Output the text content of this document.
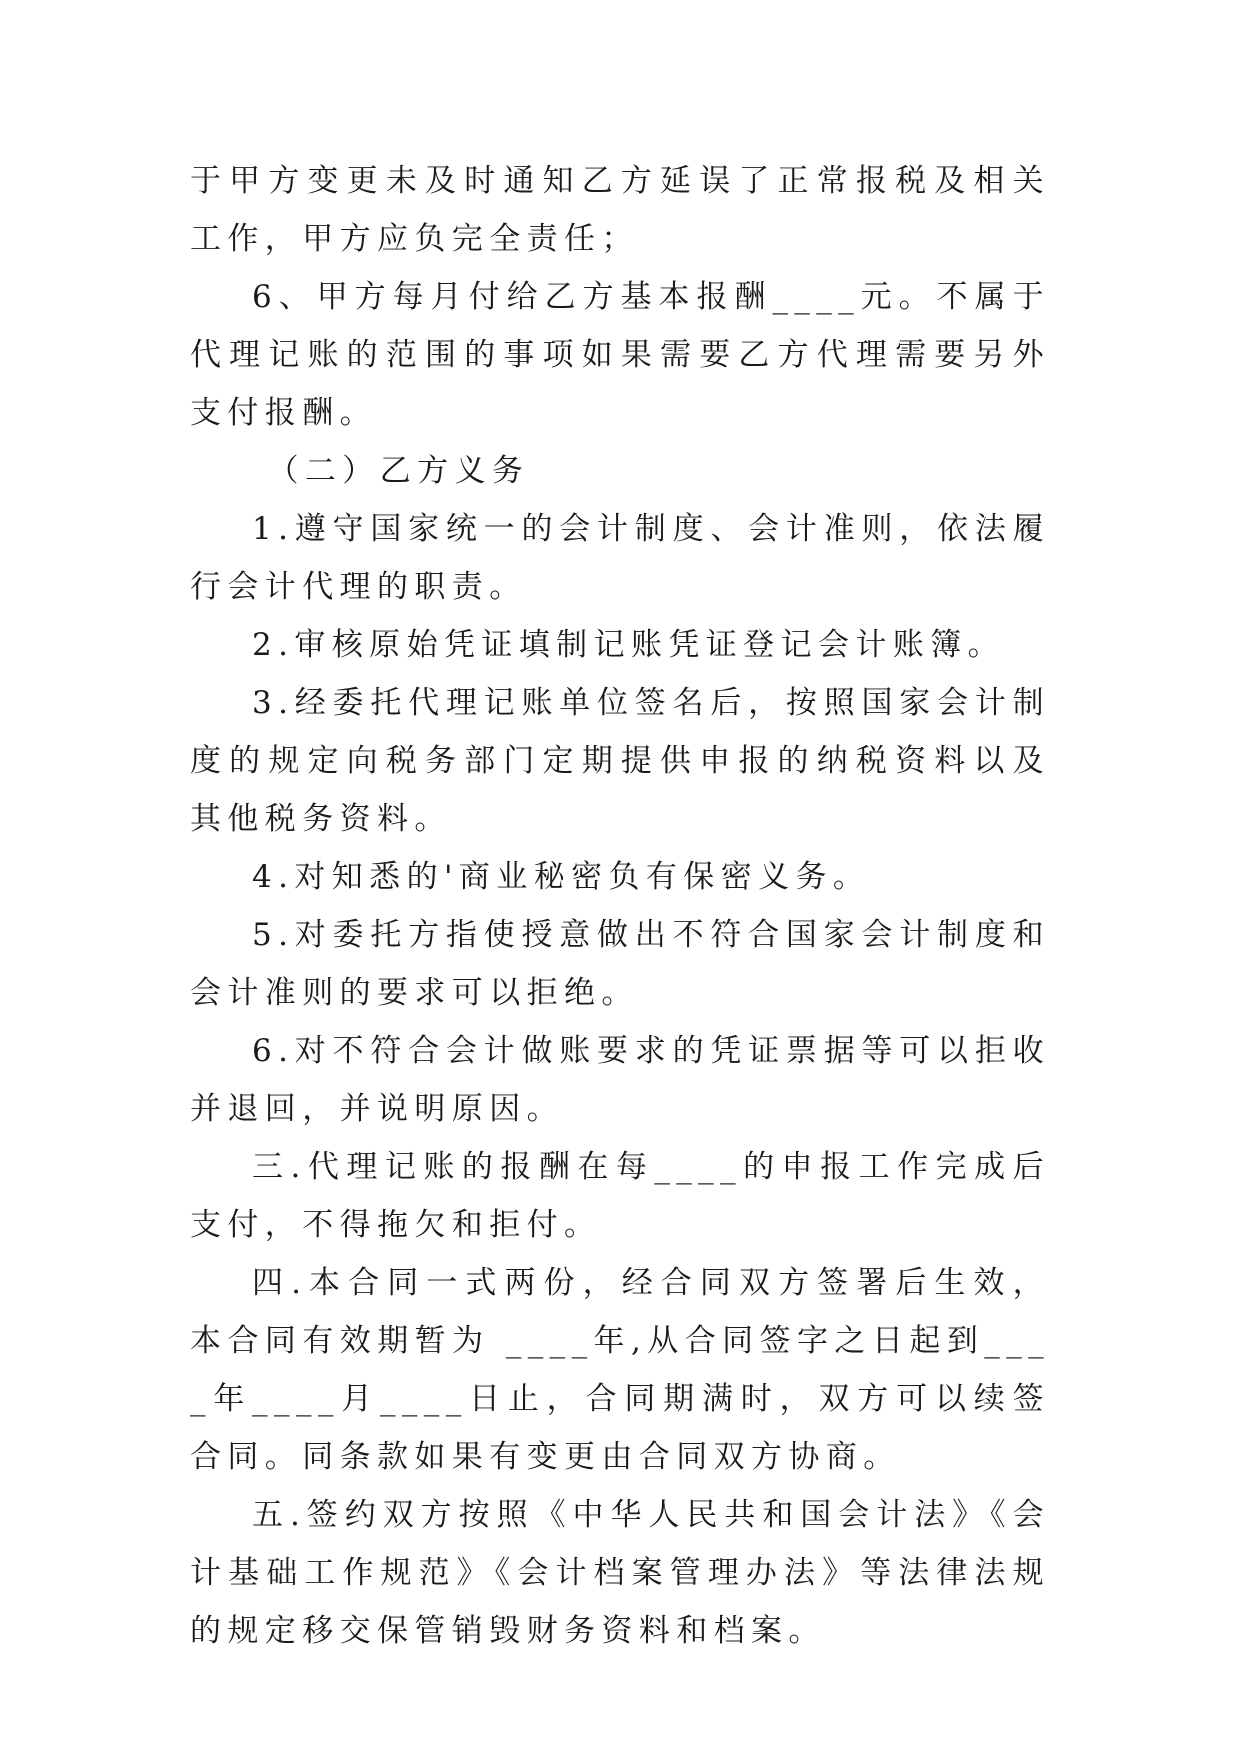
于甲方变更未及时通知乙方延误了正常报税及相关工作，甲方应负完全责任；

6、甲方每月付给乙方基本报酬____元。不属于代理记账的范围的事项如果需要乙方代理需要另外支付报酬。

（二）乙方义务

1.遵守国家统一的会计制度、会计准则，依法履行会计代理的职责。

2.审核原始凭证填制记账凭证登记会计账簿。

3.经委托代理记账单位签名后，按照国家会计制度的规定向税务部门定期提供申报的纳税资料以及其他税务资料。

4.对知悉的'商业秘密负有保密义务。

5.对委托方指使授意做出不符合国家会计制度和会计准则的要求可以拒绝。

6.对不符合会计做账要求的凭证票据等可以拒收并退回，并说明原因。

三.代理记账的报酬在每____的申报工作完成后支付，不得拖欠和拒付。

四.本合同一式两份，经合同双方签署后生效，本合同有效期暂为 ____年,从合同签字之日起到____年____月____日止，合同期满时，双方可以续签合同。同条款如果有变更由合同双方协商。

五.签约双方按照《中华人民共和国会计法》《会计基础工作规范》《会计档案管理办法》等法律法规的规定移交保管销毁财务资料和档案。
